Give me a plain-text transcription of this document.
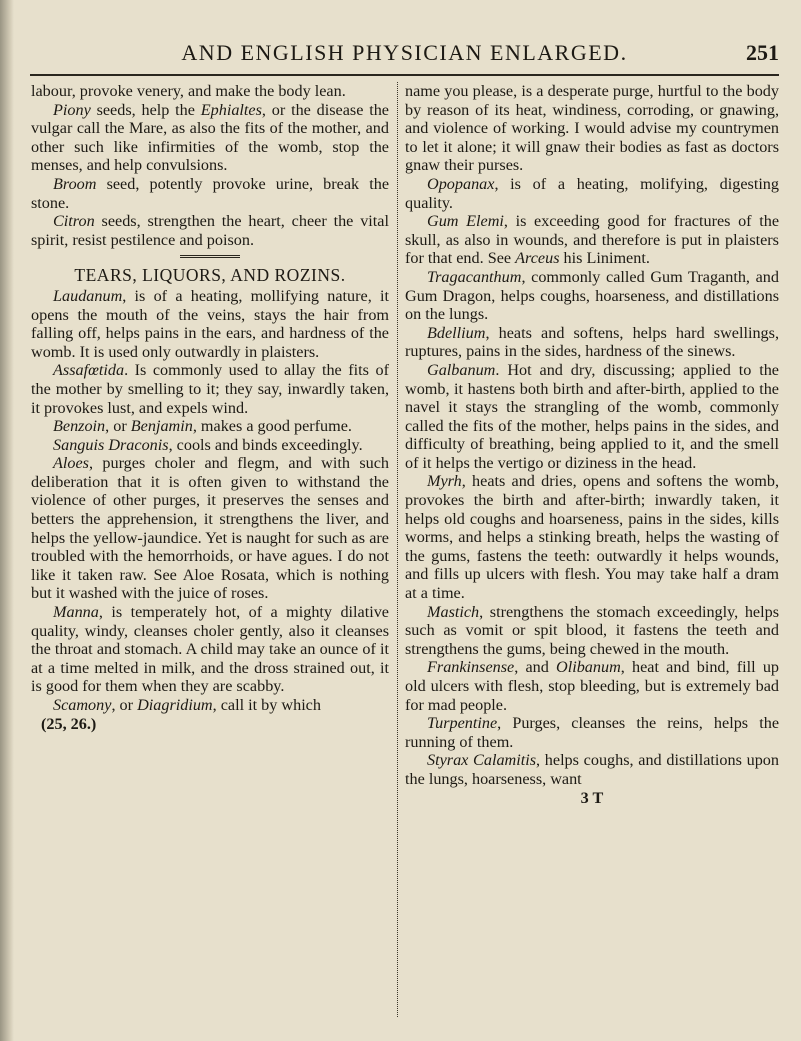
AND ENGLISH PHYSICIAN ENLARGED.	251

labour, provoke venery, and make the body lean.

Piony seeds, help the Ephialtes, or the disease the vulgar call the Mare, as also the fits of the mother, and other such like infirmities of the womb, stop the menses, and help convulsions.

Broom seed, potently provoke urine, break the stone.

Citron seeds, strengthen the heart, cheer the vital spirit, resist pestilence and poison.

TEARS, LIQUORS, AND ROZINS.

Laudanum, is of a heating, mollifying nature, it opens the mouth of the veins, stays the hair from falling off, helps pains in the ears, and hardness of the womb. It is used only outwardly in plaisters.

Assafœtida. Is commonly used to allay the fits of the mother by smelling to it; they say, inwardly taken, it provokes lust, and expels wind.

Benzoin, or Benjamin, makes a good perfume.

Sanguis Draconis, cools and binds exceedingly.

Aloes, purges choler and flegm, and with such deliberation that it is often given to withstand the violence of other purges, it preserves the senses and betters the apprehension, it strengthens the liver, and helps the yellow-jaundice. Yet is naught for such as are troubled with the hemorrhoids, or have agues. I do not like it taken raw. See Aloe Rosata, which is nothing but it washed with the juice of roses.

Manna, is temperately hot, of a mighty dilative quality, windy, cleanses choler gently, also it cleanses the throat and stomach. A child may take an ounce of it at a time melted in milk, and the dross strained out, it is good for them when they are scabby.

Scamony, or Diagridium, call it by which

(25, 26.)

name you please, is a desperate purge, hurtful to the body by reason of its heat, windiness, corroding, or gnawing, and violence of working. I would advise my countrymen to let it alone; it will gnaw their bodies as fast as doctors gnaw their purses.

Opopanax, is of a heating, molifying, digesting quality.

Gum Elemi, is exceeding good for fractures of the skull, as also in wounds, and therefore is put in plaisters for that end. See Arceus his Liniment.

Tragacanthum, commonly called Gum Traganth, and Gum Dragon, helps coughs, hoarseness, and distillations on the lungs.

Bdellium, heats and softens, helps hard swellings, ruptures, pains in the sides, hardness of the sinews.

Galbanum. Hot and dry, discussing; applied to the womb, it hastens both birth and after-birth, applied to the navel it stays the strangling of the womb, commonly called the fits of the mother, helps pains in the sides, and difficulty of breathing, being applied to it, and the smell of it helps the vertigo or diziness in the head.

Myrh, heats and dries, opens and softens the womb, provokes the birth and after-birth; inwardly taken, it helps old coughs and hoarseness, pains in the sides, kills worms, and helps a stinking breath, helps the wasting of the gums, fastens the teeth: outwardly it helps wounds, and fills up ulcers with flesh. You may take half a dram at a time.

Mastich, strengthens the stomach exceedingly, helps such as vomit or spit blood, it fastens the teeth and strengthens the gums, being chewed in the mouth.

Frankinsense, and Olibanum, heat and bind, fill up old ulcers with flesh, stop bleeding, but is extremely bad for mad people.

Turpentine, Purges, cleanses the reins, helps the running of them.

Styrax Calamitis, helps coughs, and distillations upon the lungs, hoarseness, want

3 T
